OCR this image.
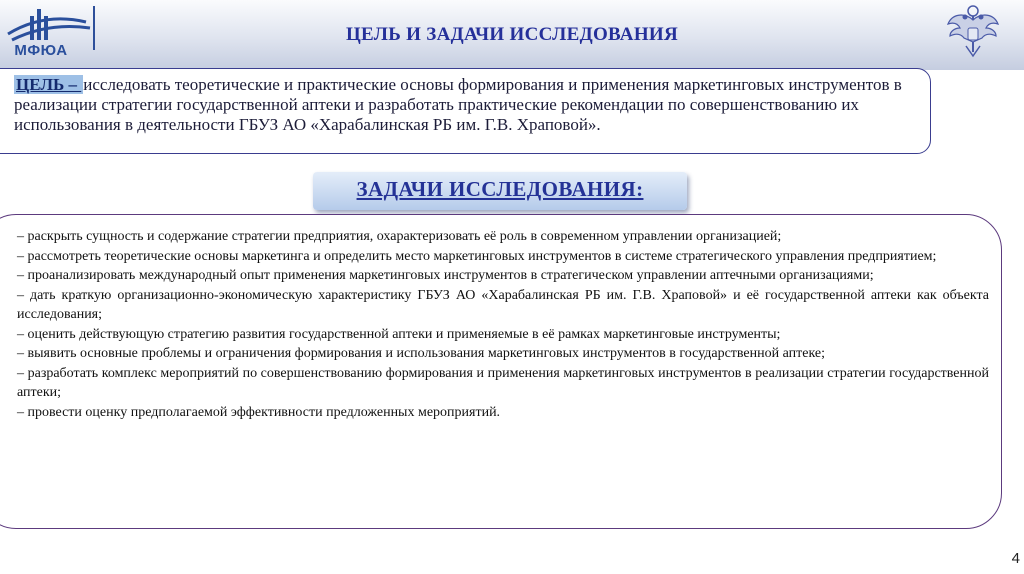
МФЮА
ЦЕЛЬ И ЗАДАЧИ ИССЛЕДОВАНИЯ
ЦЕЛЬ – исследовать теоретические и практические основы формирования и применения маркетинговых инструментов в реализации стратегии государственной аптеки и разработать практические рекомендации по совершенствованию их использования в деятельности ГБУЗ АО «Харабалинская РБ им. Г.В. Храповой».
ЗАДАЧИ ИССЛЕДОВАНИЯ:
– раскрыть сущность и содержание стратегии предприятия, охарактеризовать её роль в современном управлении организацией;
– рассмотреть теоретические основы маркетинга и определить место маркетинговых инструментов в системе стратегического управления предприятием;
– проанализировать международный опыт применения маркетинговых инструментов в стратегическом управлении аптечными организациями;
– дать краткую организационно-экономическую характеристику ГБУЗ АО «Харабалинская РБ им. Г.В. Храповой» и её государственной аптеки как объекта исследования;
– оценить действующую стратегию развития государственной аптеки и применяемые в её рамках маркетинговые инструменты;
– выявить основные проблемы и ограничения формирования и использования маркетинговых инструментов в государственной аптеке;
– разработать комплекс мероприятий по совершенствованию формирования и применения маркетинговых инструментов в реализации стратегии государственной аптеки;
– провести оценку предполагаемой эффективности предложенных мероприятий.
4
